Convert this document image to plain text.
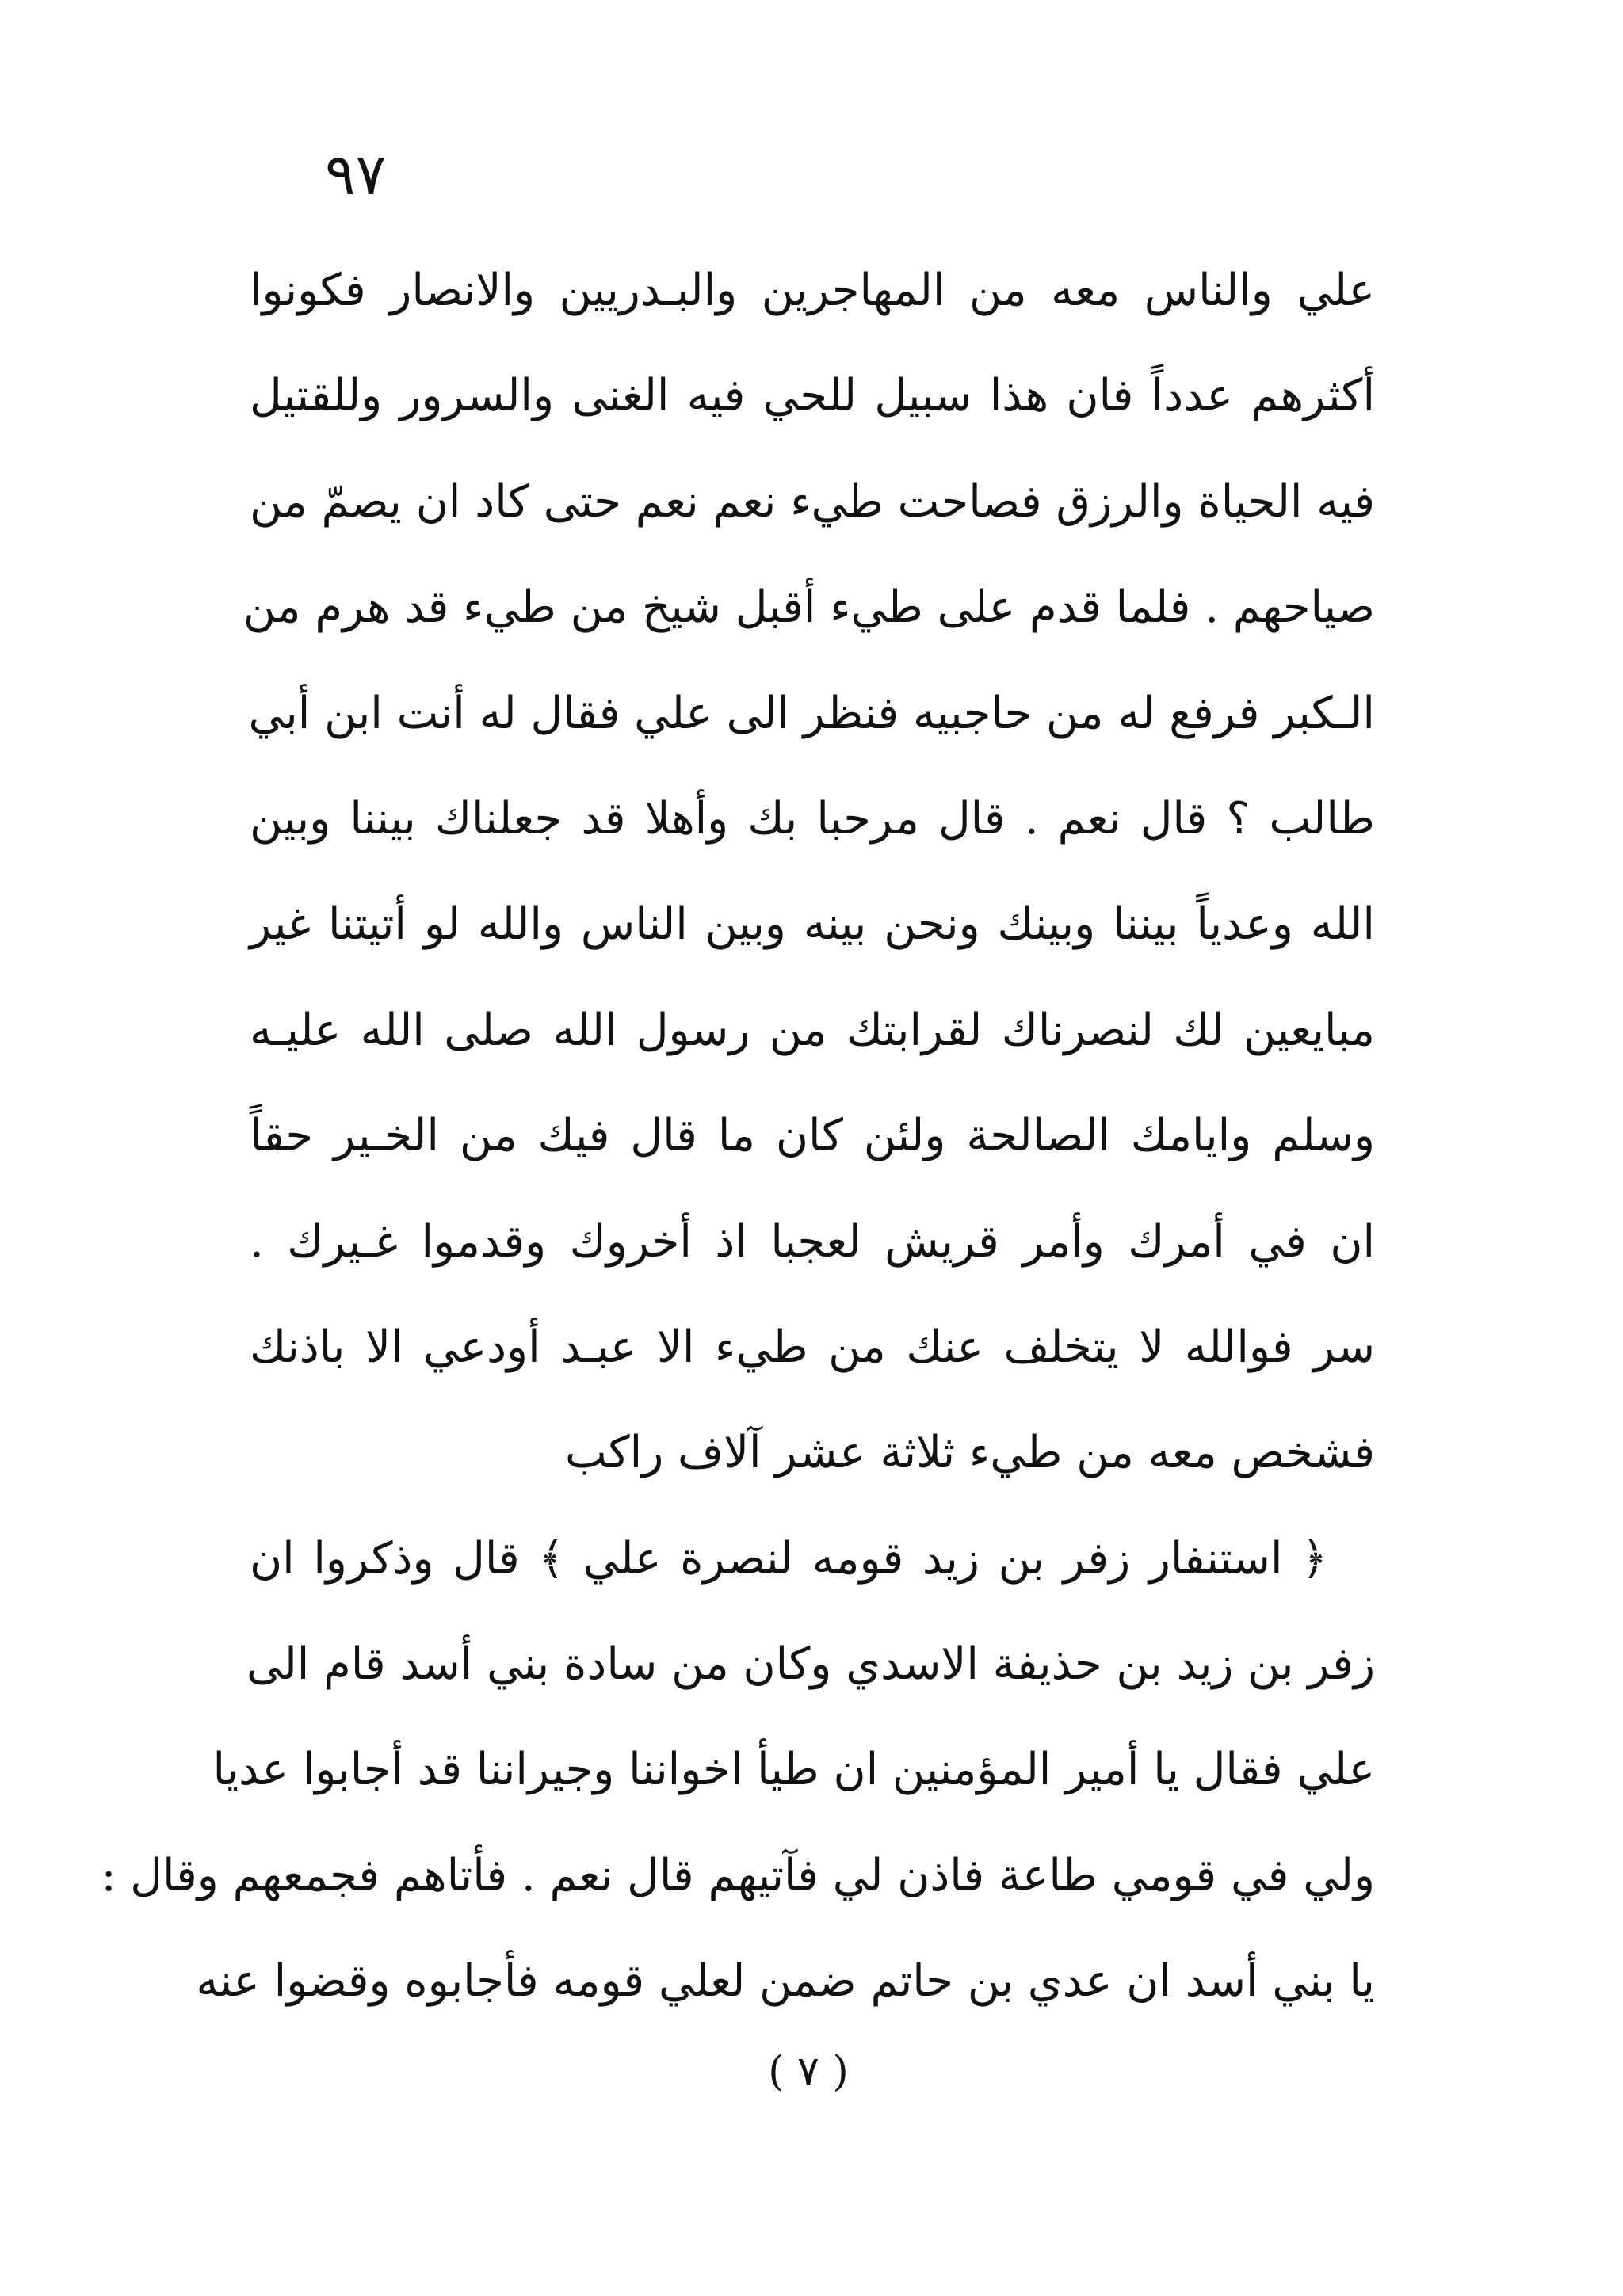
٩٧
علي والناس معه من المهاجرين والبـدريين والانصار فكونوا
أكثرهم عدداً فان هذا سبيل للحي فيه الغنى والسرور وللقتيل
فيه الحياة والرزق فصاحت طيء نعم نعم حتى كاد ان يصمّ من
صياحهم . فلما قدم على طيء أقبل شيخ من طيء قد هرم من
الـكبر فرفع له من حاجبيه فنظر الى علي فقال له أنت ابن أبي
طالب ؟ قال نعم . قال مرحبا بك وأهلا قد جعلناك بيننا وبين
الله وعدياً بيننا وبينك ونحن بينه وبين الناس والله لو أتيتنا غير
مبايعين لك لنصرناك لقرابتك من رسول الله صلى الله عليـه
وسلم وايامك الصالحة ولئن كان ما قال فيك من الخـير حقاً
ان في أمرك وأمر قريش لعجبا اذ أخروك وقدموا غـيرك .
سر فوالله لا يتخلف عنك من طيء الا عبـد أودعي الا باذنك
فشخص معه من طيء ثلاثة عشر آلاف راكب
﴿ استنفار زفر بن زيد قومه لنصرة علي ﴾ قال وذكروا ان
زفر بن زيد بن حذيفة الاسدي وكان من سادة بني أسد قام الى
علي فقال يا أمير المؤمنين ان طيأ اخواننا وجيراننا قد أجابوا عديا
ولي في قومي طاعة فاذن لي فآتيهم قال نعم . فأتاهم فجمعهم وقال :
يا بني أسد ان عدي بن حاتم ضمن لعلي قومه فأجابوه وقضوا عنه
( ٧ )
